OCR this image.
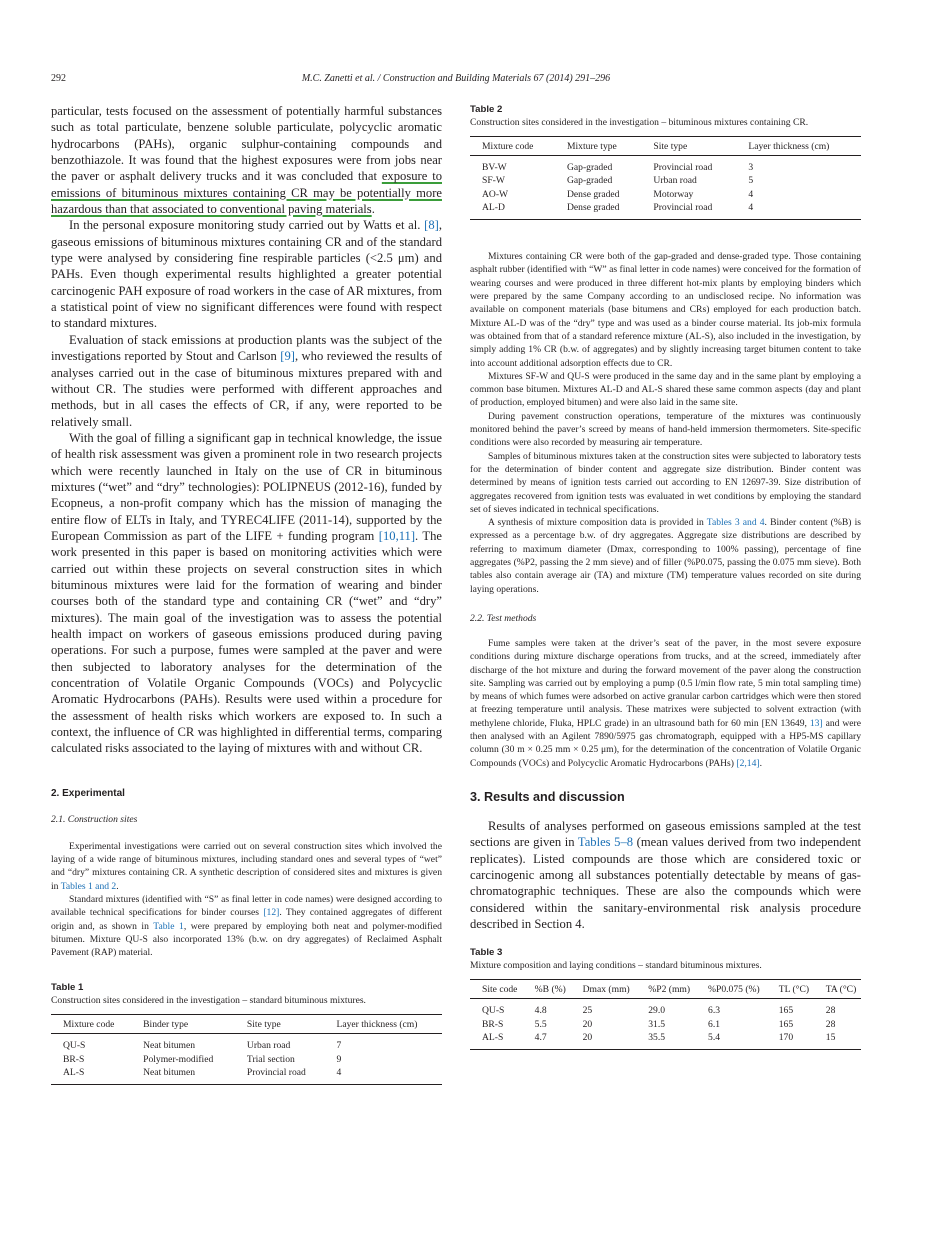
292	M.C. Zanetti et al. / Construction and Building Materials 67 (2014) 291–296

particular, tests focused on the assessment of potentially harmful substances such as total particulate, benzene soluble particulate, polycyclic aromatic hydrocarbons (PAHs), organic sulphur-containing compounds and benzothiazole. It was found that the highest exposures were from jobs near the paver or asphalt delivery trucks and it was concluded that exposure to emissions of bituminous mixtures containing CR may be potentially more hazardous than that associated to conventional paving materials.

In the personal exposure monitoring study carried out by Watts et al. [8], gaseous emissions of bituminous mixtures containing CR and of the standard type were analysed by considering fine respirable particles (<2.5 μm) and PAHs. Even though experimental results highlighted a greater potential carcinogenic PAH exposure of road workers in the case of AR mixtures, from a statistical point of view no significant differences were found with respect to standard mixtures.

Evaluation of stack emissions at production plants was the subject of the investigations reported by Stout and Carlson [9], who reviewed the results of analyses carried out in the case of bituminous mixtures prepared with and without CR. The studies were performed with different approaches and methods, but in all cases the effects of CR, if any, were reported to be relatively small.

With the goal of filling a significant gap in technical knowledge, the issue of health risk assessment was given a prominent role in two research projects which were recently launched in Italy on the use of CR in bituminous mixtures (“wet” and “dry” technologies): POLIPNEUS (2012-16), funded by Ecopneus, a non-profit company which has the mission of managing the entire flow of ELTs in Italy, and TYREC4LIFE (2011-14), supported by the European Commission as part of the LIFE + funding program [10,11]. The work presented in this paper is based on monitoring activities which were carried out within these projects on several construction sites in which bituminous mixtures were laid for the formation of wearing and binder courses both of the standard type and containing CR (“wet” and “dry” mixtures). The main goal of the investigation was to assess the potential health impact on workers of gaseous emissions produced during paving operations. For such a purpose, fumes were sampled at the paver and were then subjected to laboratory analyses for the determination of the concentration of Volatile Organic Compounds (VOCs) and Polycyclic Aromatic Hydrocarbons (PAHs). Results were used within a procedure for the assessment of health risks which workers are exposed to. In such a context, the influence of CR was highlighted in differential terms, comparing calculated risks associated to the laying of mixtures with and without CR.

2. Experimental
2.1. Construction sites

Experimental investigations were carried out on several construction sites which involved the laying of a wide range of bituminous mixtures, including standard ones and several types of “wet” and “dry” mixtures containing CR. A synthetic description of considered sites and mixtures is given in Tables 1 and 2.

Standard mixtures (identified with “S” as final letter in code names) were designed according to available technical specifications for binder courses [12]. They contained aggregates of different origin and, as shown in Table 1, were prepared by employing both neat and polymer-modified bitumen. Mixture QU-S also incorporated 13% (b.w. on dry aggregates) of Reclaimed Asphalt Pavement (RAP) material.

Table 1
Construction sites considered in the investigation – standard bituminous mixtures.
Mixture code	Binder type	Site type	Layer thickness (cm)
QU-S	Neat bitumen	Urban road	7
BR-S	Polymer-modified	Trial section	9
AL-S	Neat bitumen	Provincial road	4
Table 2
Construction sites considered in the investigation – bituminous mixtures containing CR.
Mixture code	Mixture type	Site type	Layer thickness (cm)
BV-W	Gap-graded	Provincial road	3
SF-W	Gap-graded	Urban road	5
AO-W	Dense graded	Motorway	4
AL-D	Dense graded	Provincial road	4

Mixtures containing CR were both of the gap-graded and dense-graded type. Those containing asphalt rubber (identified with “W” as final letter in code names) were conceived for the formation of wearing courses and were produced in three different hot-mix plants by employing binders which were prepared by the same Company according to an undisclosed recipe. No information was available on component materials (base bitumens and CRs) employed for each production batch. Mixture AL-D was of the “dry” type and was used as a binder course material. Its job-mix formula was obtained from that of a standard reference mixture (AL-S), also included in the investigation, by simply adding 1% CR (b.w. of aggregates) and by slightly increasing target bitumen content to take into account additional adsorption effects due to CR.

Mixtures SF-W and QU-S were produced in the same day and in the same plant by employing a common base bitumen. Mixtures AL-D and AL-S shared these same common aspects (day and plant of production, employed bitumen) and were also laid in the same site.

During pavement construction operations, temperature of the mixtures was continuously monitored behind the paver’s screed by means of hand-held immersion thermometers. Site-specific conditions were also recorded by measuring air temperature.

Samples of bituminous mixtures taken at the construction sites were subjected to laboratory tests for the determination of binder content and aggregate size distribution. Binder content was determined by means of ignition tests carried out according to EN 12697-39. Size distribution of aggregates recovered from ignition tests was evaluated in wet conditions by employing the standard set of sieves indicated in technical specifications.

A synthesis of mixture composition data is provided in Tables 3 and 4. Binder content (%B) is expressed as a percentage b.w. of dry aggregates. Aggregate size distributions are described by referring to maximum diameter (Dmax, corresponding to 100% passing), percentage of fine aggregates (%P2, passing the 2 mm sieve) and of filler (%P0.075, passing the 0.075 mm sieve). Both tables also contain average air (TA) and mixture (TM) temperature values recorded on site during laying operations.

2.2. Test methods

Fume samples were taken at the driver’s seat of the paver, in the most severe exposure conditions during mixture discharge operations from trucks, and at the screed, immediately after discharge of the hot mixture and during the forward movement of the paver along the construction site. Sampling was carried out by employing a pump (0.5 l/min flow rate, 5 min total sampling time) by means of which fumes were adsorbed on active granular carbon cartridges which were then stored at freezing temperature until analysis. These matrixes were subjected to solvent extraction (with methylene chloride, Fluka, HPLC grade) in an ultrasound bath for 60 min [EN 13649, 13] and were then analysed with an Agilent 7890/5975 gas chromatograph, equipped with a HP5-MS capillary column (30 m × 0.25 mm × 0.25 μm), for the determination of the concentration of Volatile Organic Compounds (VOCs) and Polycyclic Aromatic Hydrocarbons (PAHs) [2,14].

3. Results and discussion

Results of analyses performed on gaseous emissions sampled at the test sections are given in Tables 5–8 (mean values derived from two independent replicates). Listed compounds are those which are considered toxic or carcinogenic among all substances potentially detectable by means of gas-chromatographic techniques. These are also the compounds which were considered within the sanitary-environmental risk analysis procedure described in Section 4.

Table 3
Mixture composition and laying conditions – standard bituminous mixtures.
Site code	%B (%)	Dmax (mm)	%P2 (mm)	%P0.075 (%)	TL (°C)	TA (°C)
QU-S	4.8	25	29.0	6.3	165	28
BR-S	5.5	20	31.5	6.1	165	28
AL-S	4.7	20	35.5	5.4	170	15
